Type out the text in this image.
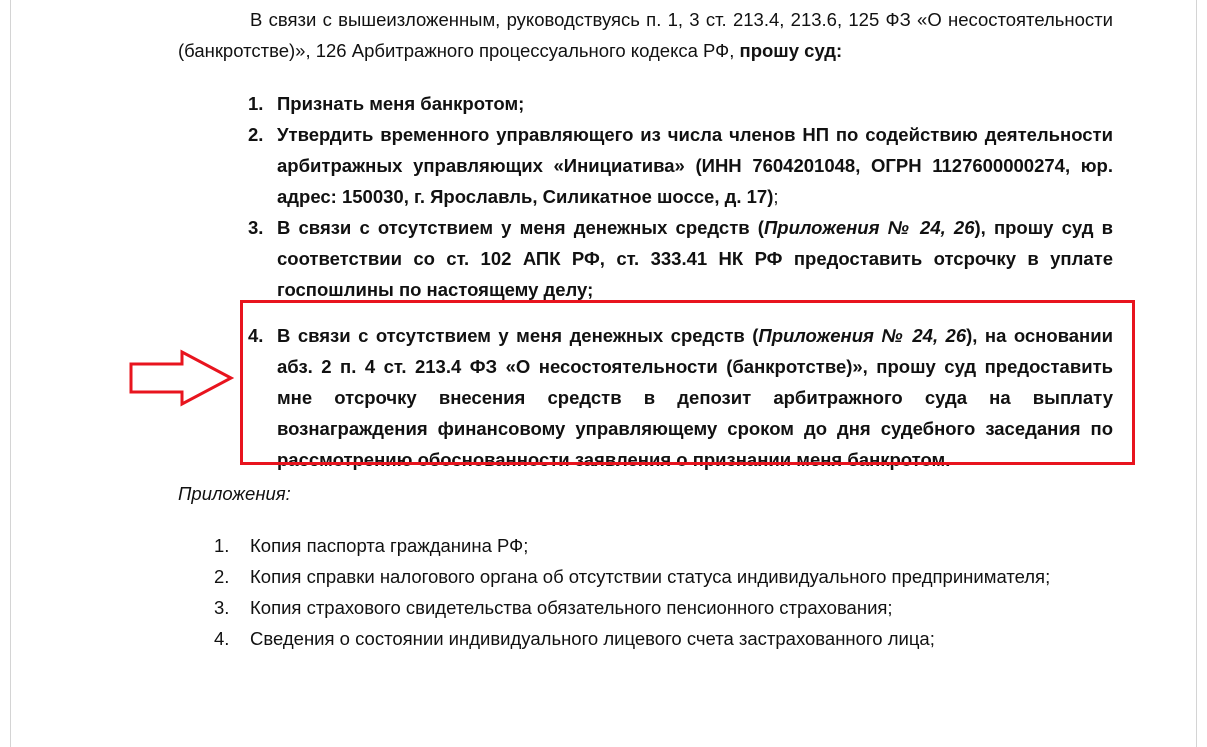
В связи с вышеизложенным, руководствуясь п. 1, 3 ст. 213.4, 213.6, 125 ФЗ «О несостоятельности (банкротстве)», 126 Арбитражного процессуального кодекса РФ, прошу суд:

1. Признать меня банкротом;
2. Утвердить временного управляющего из числа членов НП по содействию деятельности арбитражных управляющих «Инициатива» (ИНН 7604201048, ОГРН 1127600000274, юр. адрес: 150030, г. Ярославль, Силикатное шоссе, д. 17);
3. В связи с отсутствием у меня денежных средств (Приложения № 24, 26), прошу суд в соответствии со ст. 102 АПК РФ, ст. 333.41 НК РФ предоставить отсрочку в уплате госпошлины по настоящему делу;
4. В связи с отсутствием у меня денежных средств (Приложения № 24, 26), на основании абз. 2 п. 4 ст. 213.4 ФЗ «О несостоятельности (банкротстве)», прошу суд предоставить мне отсрочку внесения средств в депозит арбитражного суда на выплату вознаграждения финансовому управляющему сроком до дня судебного заседания по рассмотрению обоснованности заявления о признании меня банкротом.
Приложения:
1. Копия паспорта гражданина РФ;
2. Копия справки налогового органа об отсутствии статуса индивидуального предпринимателя;
3. Копия страхового свидетельства обязательного пенсионного страхования;
4. Сведения о состоянии индивидуального лицевого счета застрахованного лица;
